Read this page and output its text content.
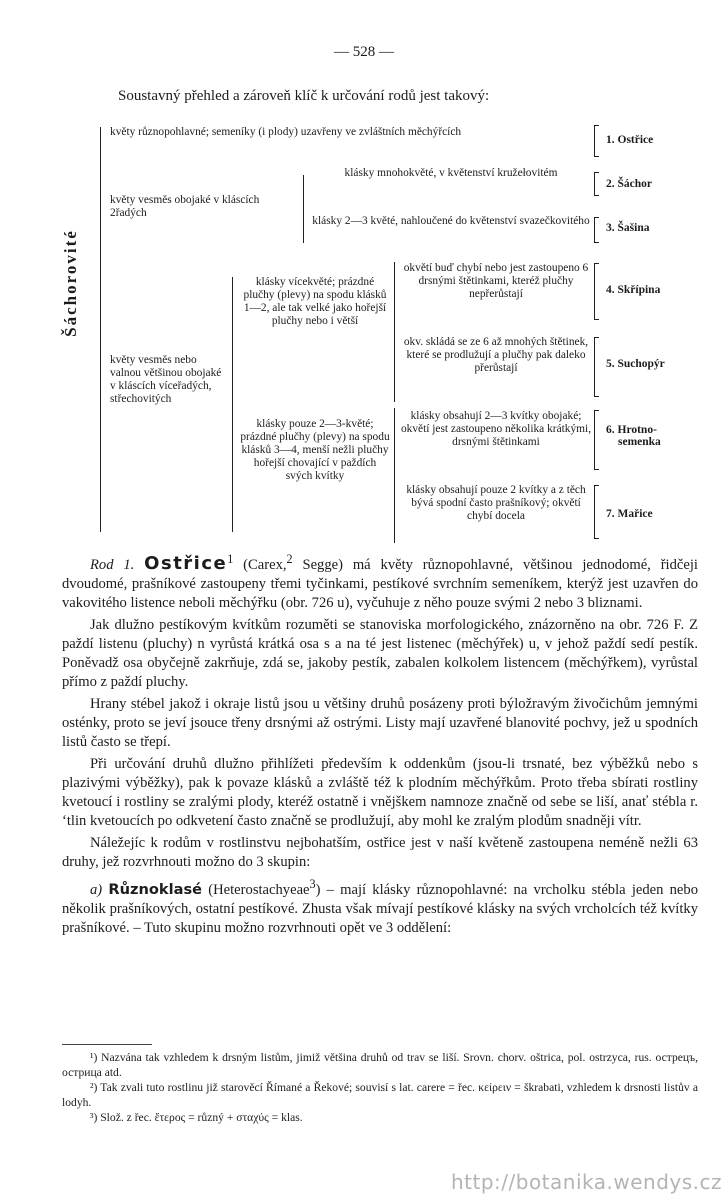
— 528 —
Soustavný přehled a zároveň klíč k určování rodů jest takový:
Šáchorovité
květy různopohlavné; semeníky (i plody) uzavřeny ve zvláštních měchýřcích
1. Ostřice
květy vesměs obojaké v kláscích 2řadých
klásky mnohokvěté, v květenství kružełovitém
2. Šáchor
klásky 2—3 květé, nahloučené do květenství svazečkovitého
3. Šašina
květy vesměs nebo valnou většinou obojaké v kláscích víceřadých, střechovitých
klásky vícekvěté; prázdné plučhy (plevy) na spodu klásků 1—2, ale tak velké jako hořejší plučhy nebo i větší
okvětí buď chybí nebo jest zastoupeno 6 drsnými štětinkami, kteréž plučhy nepřerůstají	4. Skřípina
okv. skládá se ze 6 až mnohých štětinek, které se prodlužují a plučhy pak daleko přerůstají	5. Suchopýr
klásky pouze 2—3-květé; prázdné plučhy (plevy) na spodu klásků 3—4, menší nežli plučhy hořejší chovající v paždích svých kvítky
klásky obsahují 2—3 kvítky obojaké; okvětí jest zastoupeno několika krátkými, drsnými štětinkami
6. Hrotno-
semenka
klásky obsahují pouze 2 kvítky a z těch bývá spodní často prašníkový; okvětí chybí docela	7. Mařice

Rod 1. Ostřice$^1$ (Carex,$^2$ Segge) má květy různopohlavné, většinou jednodomé, řidčeji dvoudomé, prašníkové zastoupeny třemi tyčinkami, pestíkové svrchním semeníkem, kterýž jest uzavřen do vakovitého listence neboli měchýřku (obr. 726 u), vyčuhuje z něho pouze svými 2 nebo 3 bliznami.

Jak dlužno pestíkovým kvítkům rozuměti se stanoviska morfologického, znázorněno na obr. 726 F. Z paždí listenu (pluchy) n vyrůstá krátká osa s a na té jest listenec (měchýřek) u, v jehož paždí sedí pestík. Poněvadž osa obyčejně zakrňuje, zdá se, jakoby pestík, zabalen kolkolem listencem (měchýřkem), vyrůstal přímo z paždí pluchy.

Hrany stébel jakož i okraje listů jsou u většiny druhů posázeny proti býložravým živočichům jemnými osténky, proto se jeví jsouce třeny drsnými až ostrými. Listy mají uzavřené blanovité pochvy, jež u spodních listů často se třepí.

Při určování druhů dlužno přihlížeti především k oddenkům (jsou-li trsnaté, bez výběžků nebo s plazivými výběžky), pak k povaze klásků a zvláště též k plodním měchýřkům. Proto třeba sbírati rostliny kvetoucí i rostliny se zralými plody, kteréž ostatně i vnějškem namnoze značně od sebe se liší, anať stébla r. ‘tlin kvetoucích po odkvetení často značně se prodlužují, aby mohl ke zralým plodům snadněji vítr.

Náležejíc k rodům v rostlinstvu nejbohatším, ostřice jest v naší květeně zastoupena neméně nežli 63 druhy, jež rozvrhnouti možno do 3 skupin:

a) Různoklasé (Heterostachyeae$^3$) – mají klásky různopohlavné: na vrcholku stébla jeden nebo několik prašníkových, ostatní pestíkové. Zhusta však mívají pestíkové klásky na svých vrcholcích též kvítky prašníkové. – Tuto skupinu možno rozvrhnouti opět ve 3 oddělení:

¹) Nazvána tak vzhledem k drsným listům, jimiž většina druhů od trav se liší. Srovn. chorv. oštrica, pol. ostrzyca, rus. острецъ, острица atd.

²) Tak zvali tuto rostlinu již starověcí Římané a Řekové; souvisí s lat. carere = řec. κείρειν = škrabati, vzhledem k drsnosti listův a lodyh.

³) Slož. z řec. ἕτερος = různý + σταχύς = klas.

http://botanika.wendys.cz
